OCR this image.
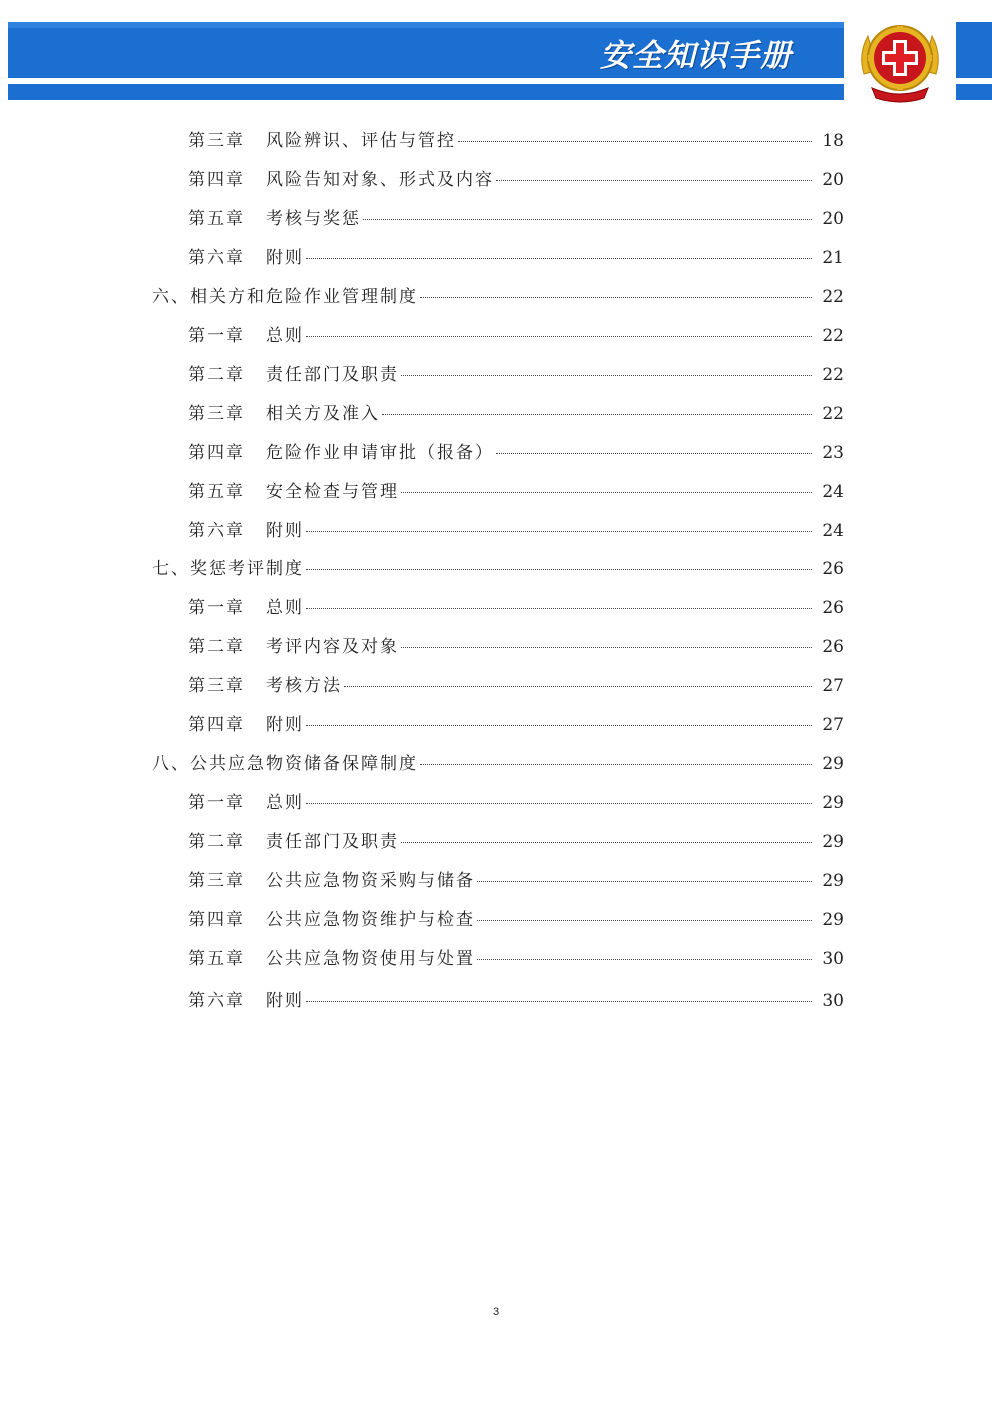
安全知识手册
第三章 风险辨识、评估与管控	18
第四章 风险告知对象、形式及内容	20
第五章 考核与奖惩	20
第六章 附则	21
六、相关方和危险作业管理制度	22
第一章 总则	22
第二章 责任部门及职责	22
第三章 相关方及准入	22
第四章 危险作业申请审批（报备）	23
第五章 安全检查与管理	24
第六章 附则	24
七、奖惩考评制度	26
第一章 总则	26
第二章 考评内容及对象	26
第三章 考核方法	27
第四章 附则	27
八、公共应急物资储备保障制度	29
第一章 总则	29
第二章 责任部门及职责	29
第三章 公共应急物资采购与储备	29
第四章 公共应急物资维护与检查	29
第五章 公共应急物资使用与处置	30
第六章 附则	30
3
